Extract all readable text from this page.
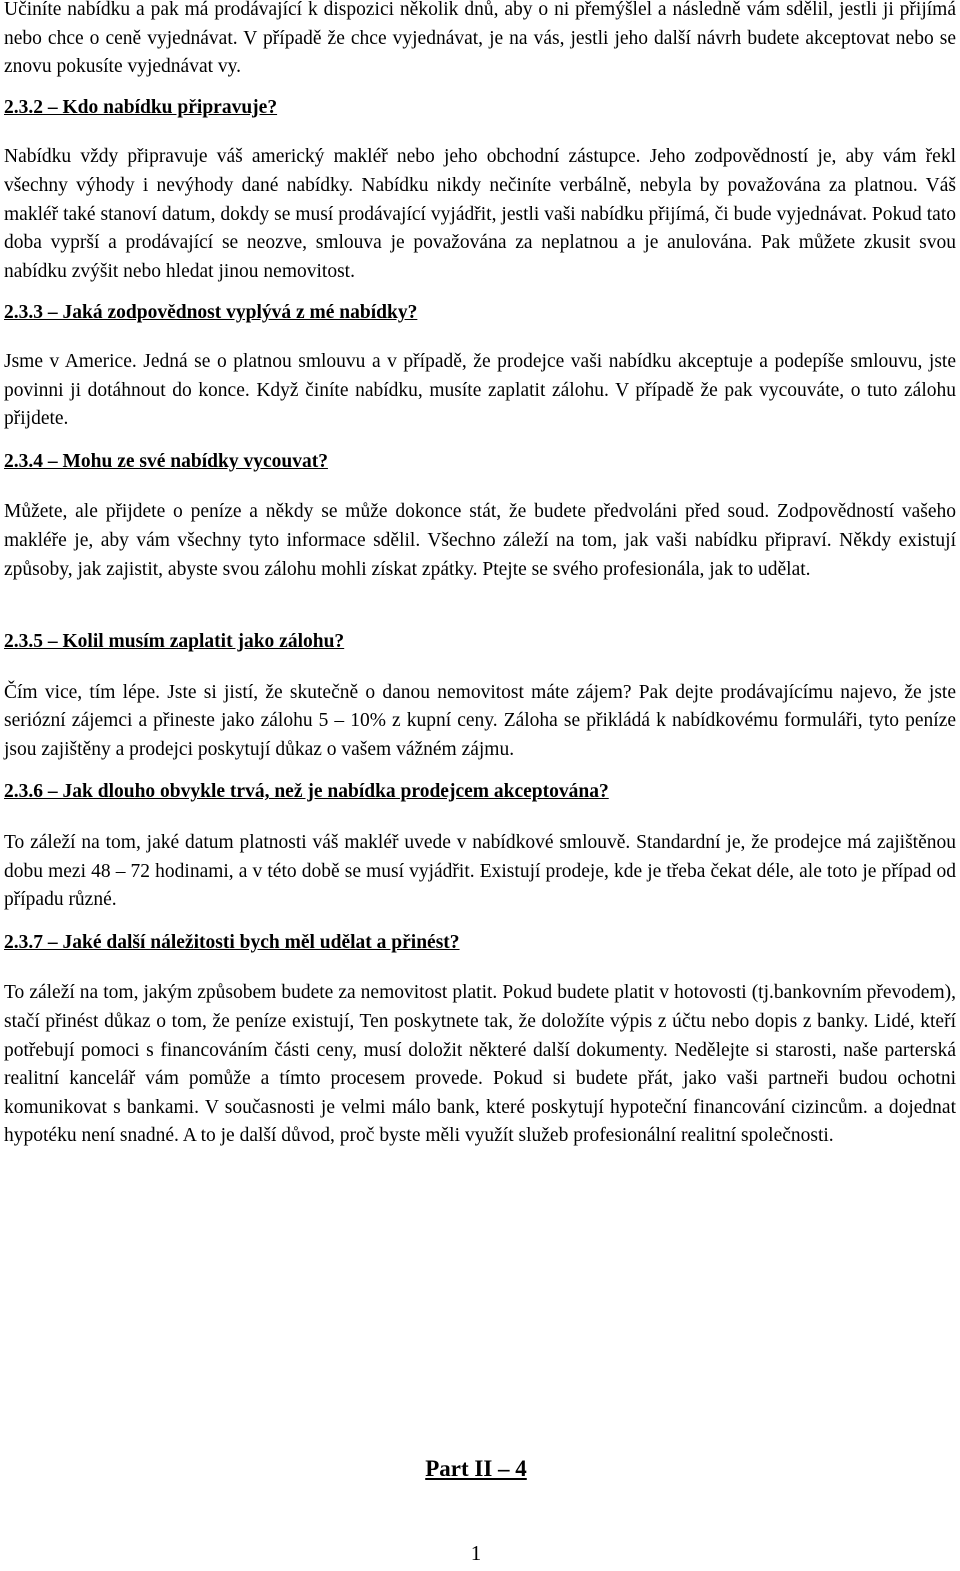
Učiníte nabídku a pak má prodávající k dispozici několik dnů, aby o ni přemýšlel a následně vám sdělil, jestli ji přijímá nebo chce o ceně vyjednávat. V případě že chce vyjednávat, je na vás, jestli jeho další návrh budete akceptovat nebo se znovu pokusíte vyjednávat vy.

2.3.2 – Kdo nabídku připravuje?

Nabídku vždy připravuje váš americký makléř nebo jeho obchodní zástupce. Jeho zodpovědností je, aby vám řekl všechny výhody i nevýhody dané nabídky. Nabídku nikdy nečiníte verbálně, nebyla by považována za platnou. Váš makléř také stanoví datum, dokdy se musí prodávající vyjádřit, jestli vaši nabídku přijímá, či bude vyjednávat. Pokud tato doba vyprší a prodávající se neozve, smlouva je považována za neplatnou a je anulována. Pak můžete zkusit svou nabídku zvýšit nebo hledat jinou nemovitost.

2.3.3 – Jaká zodpovědnost vyplývá z mé nabídky?

Jsme v Americe. Jedná se o platnou smlouvu a v případě, že prodejce vaši nabídku akceptuje a podepíše smlouvu, jste povinni ji dotáhnout do konce. Když činíte nabídku, musíte zaplatit zálohu. V případě že pak vycouváte, o tuto zálohu přijdete.

2.3.4 – Mohu ze své nabídky vycouvat?

Můžete, ale přijdete o peníze a někdy se může dokonce stát, že budete předvoláni před soud. Zodpovědností vašeho makléře je, aby vám všechny tyto informace sdělil. Všechno záleží na tom, jak vaši nabídku připraví. Někdy existují způsoby, jak zajistit, abyste svou zálohu mohli získat zpátky. Ptejte se svého profesionála, jak to udělat.

2.3.5 – Kolil musím zaplatit jako zálohu?

Čím vice, tím lépe. Jste si jistí, že skutečně o danou nemovitost máte zájem? Pak dejte prodávajícímu najevo, že jste seriózní zájemci a přineste jako zálohu 5 – 10% z kupní ceny. Záloha se přikládá k nabídkovému formuláři, tyto peníze jsou zajištěny a prodejci poskytují důkaz o vašem vážném zájmu.

2.3.6 – Jak dlouho obvykle trvá, než je nabídka prodejcem akceptována?

To záleží na tom, jaké datum platnosti váš makléř uvede v nabídkové smlouvě. Standardní je, že prodejce má zajištěnou dobu mezi 48 – 72 hodinami, a v této době se musí vyjádřit. Existují prodeje, kde je třeba čekat déle, ale toto je případ od případu různé.

2.3.7 – Jaké další náležitosti bych měl udělat a přinést?

To záleží na tom, jakým způsobem budete za nemovitost platit. Pokud budete platit v hotovosti (tj.bankovním převodem), stačí přinést důkaz o tom, že peníze existují, Ten poskytnete tak, že doložíte výpis z účtu nebo dopis z banky. Lidé, kteří potřebují pomoci s financováním části ceny, musí doložit některé další dokumenty. Nedělejte si starosti, naše parterská realitní kancelář vám pomůže a tímto procesem provede. Pokud si budete přát, jako vaši partneři budou ochotni komunikovat s bankami. V současnosti je velmi málo bank, které poskytují hypoteční financování cizincům. a dojednat hypotéku není snadné. A to je další důvod, proč byste měli využít služeb profesionální realitní společnosti.

Part II – 4
1
